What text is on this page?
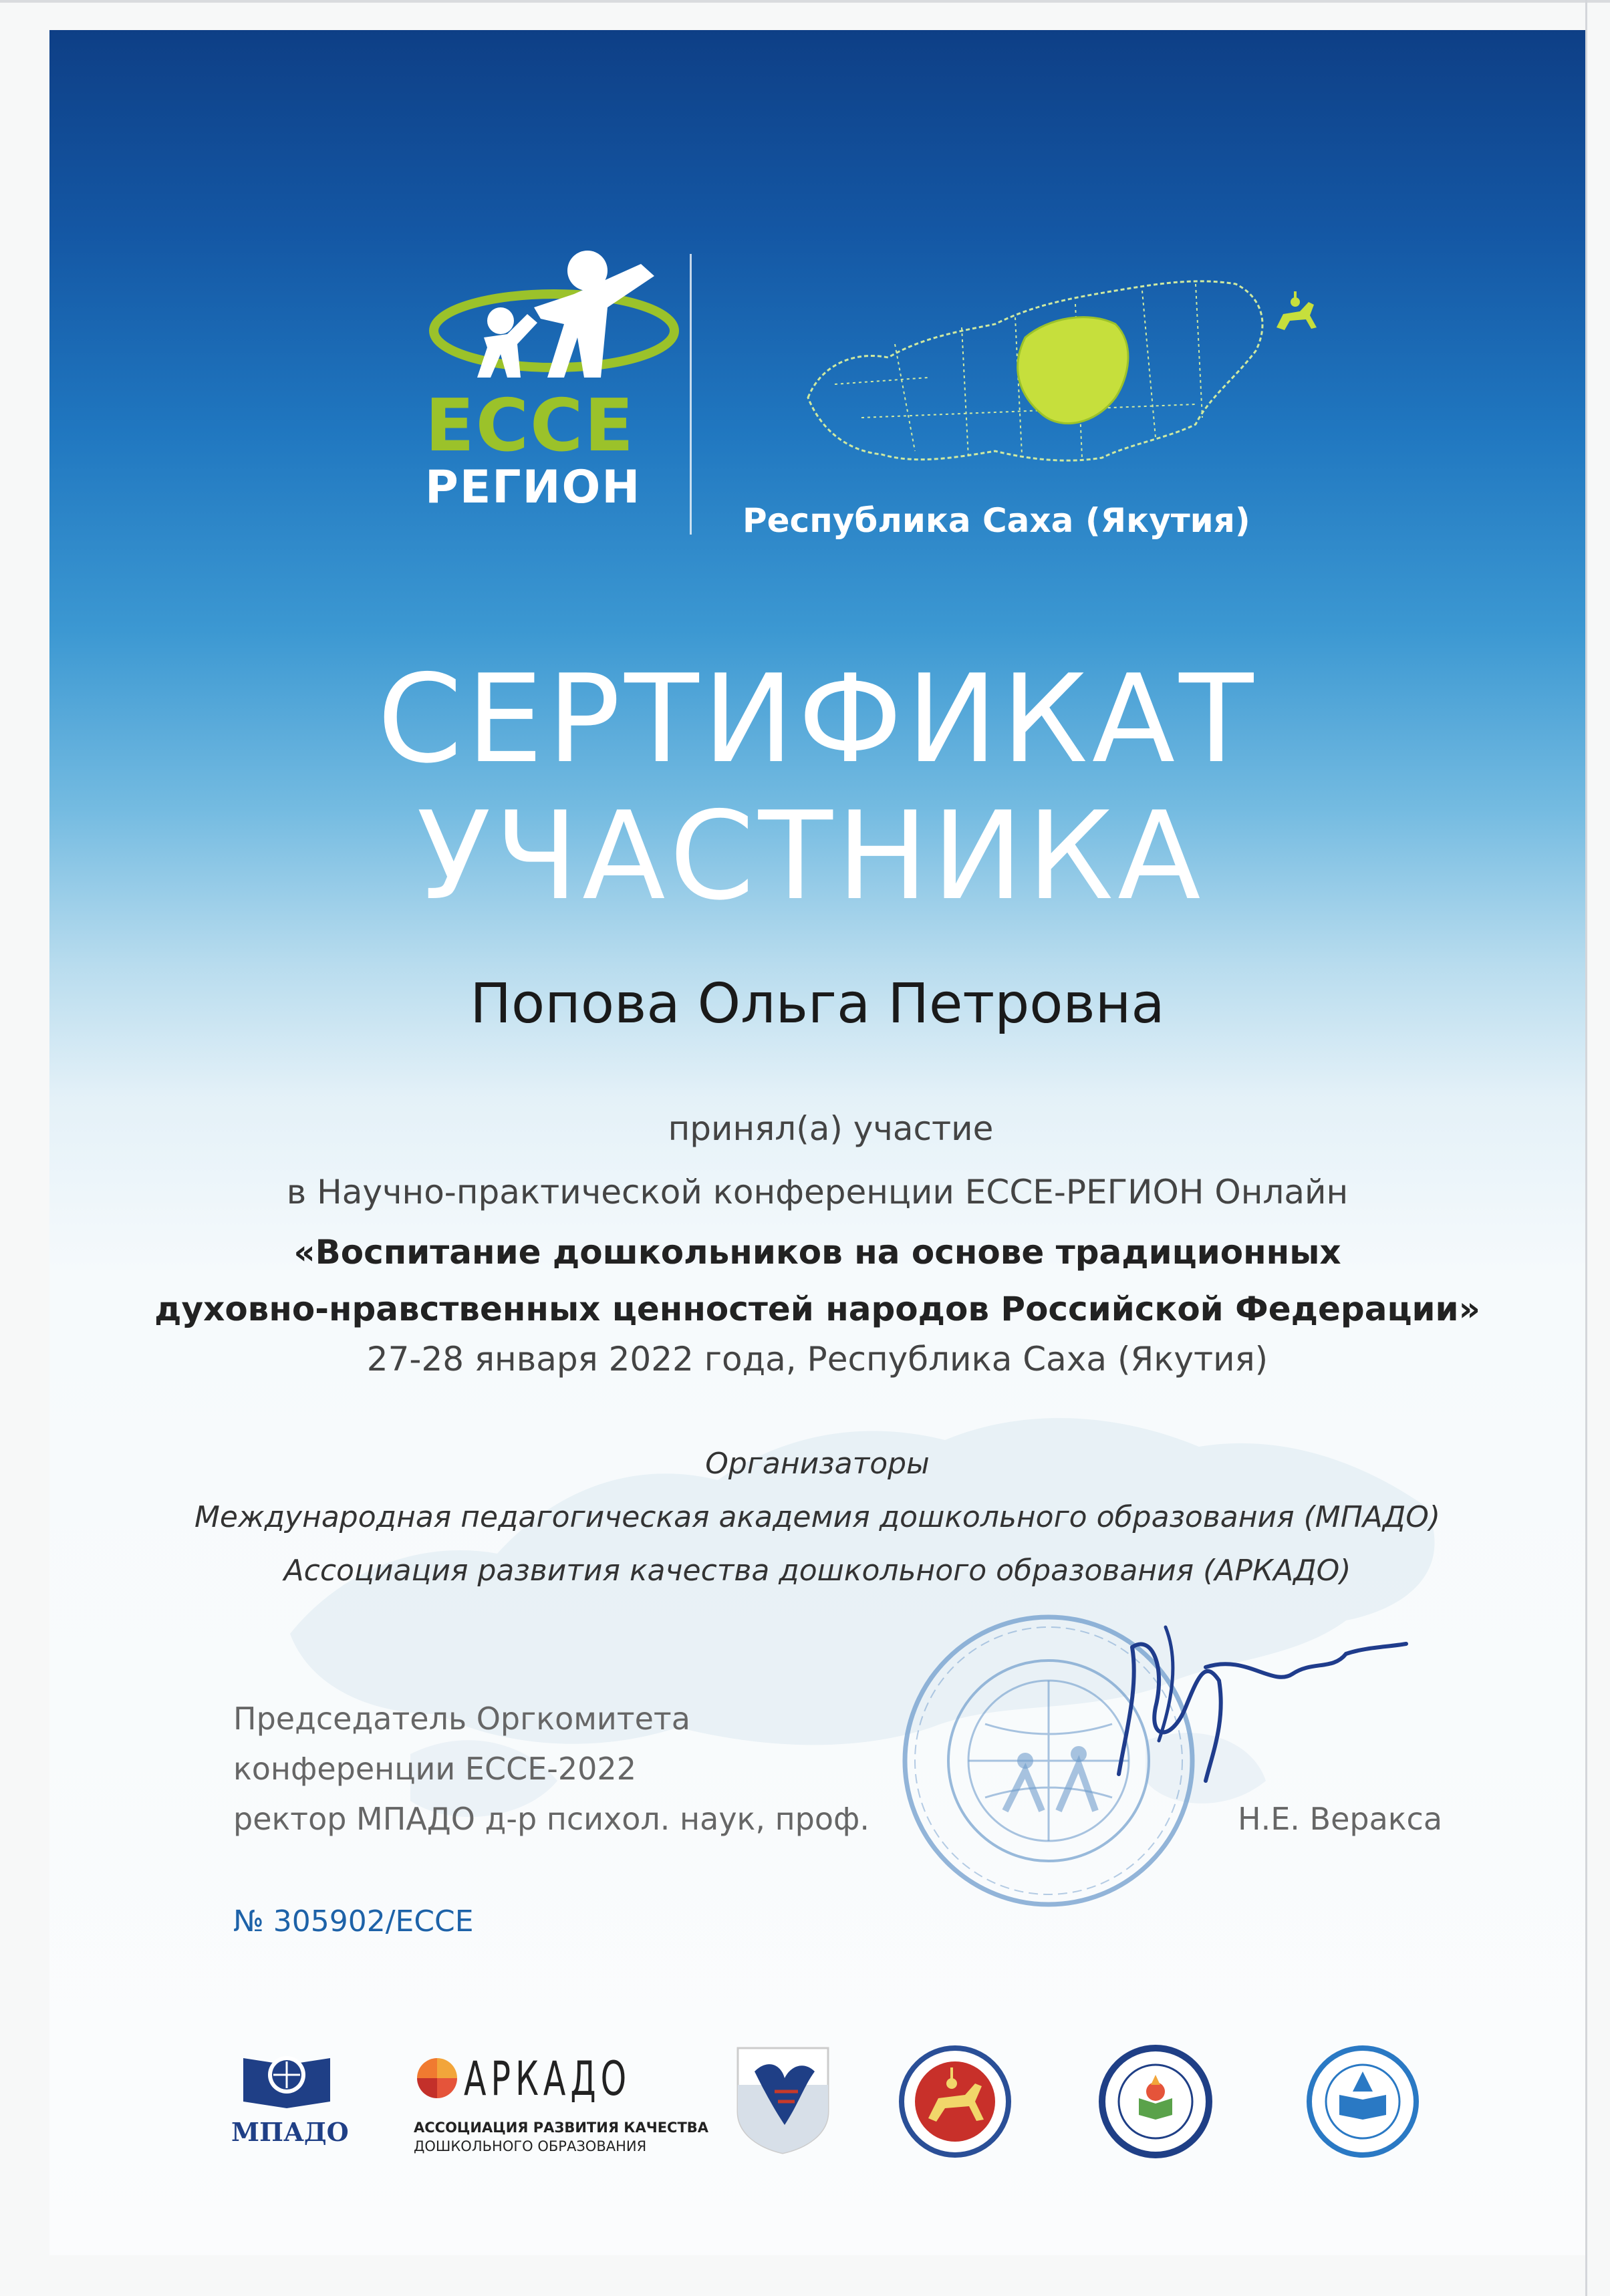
ECCE
РЕГИОН
Республика Саха (Якутия)
СЕРТИФИКАТ
УЧАСТНИКА
Попова Ольга Петровна
принял(а) участие
в Научно-практической конференции ECCE-РЕГИОН Онлайн
«Воспитание дошкольников на основе традиционных
духовно-нравственных ценностей народов Российской Федерации»
27-28 января 2022 года, Республика Саха (Якутия)
Организаторы
Международная педагогическая академия дошкольного образования (МПАДО)
Ассоциация развития качества дошкольного образования (АРКАДО)
Председатель Оргкомитета
конференции ECCE-2022
ректор МПАДО д-р психол. наук, проф.	Н.Е. Веракса
№ 305902/ECCE
МПАДО
АРКАДО
АССОЦИАЦИЯ РАЗВИТИЯ КАЧЕСТВА
ДОШКОЛЬНОГО ОБРАЗОВАНИЯ
